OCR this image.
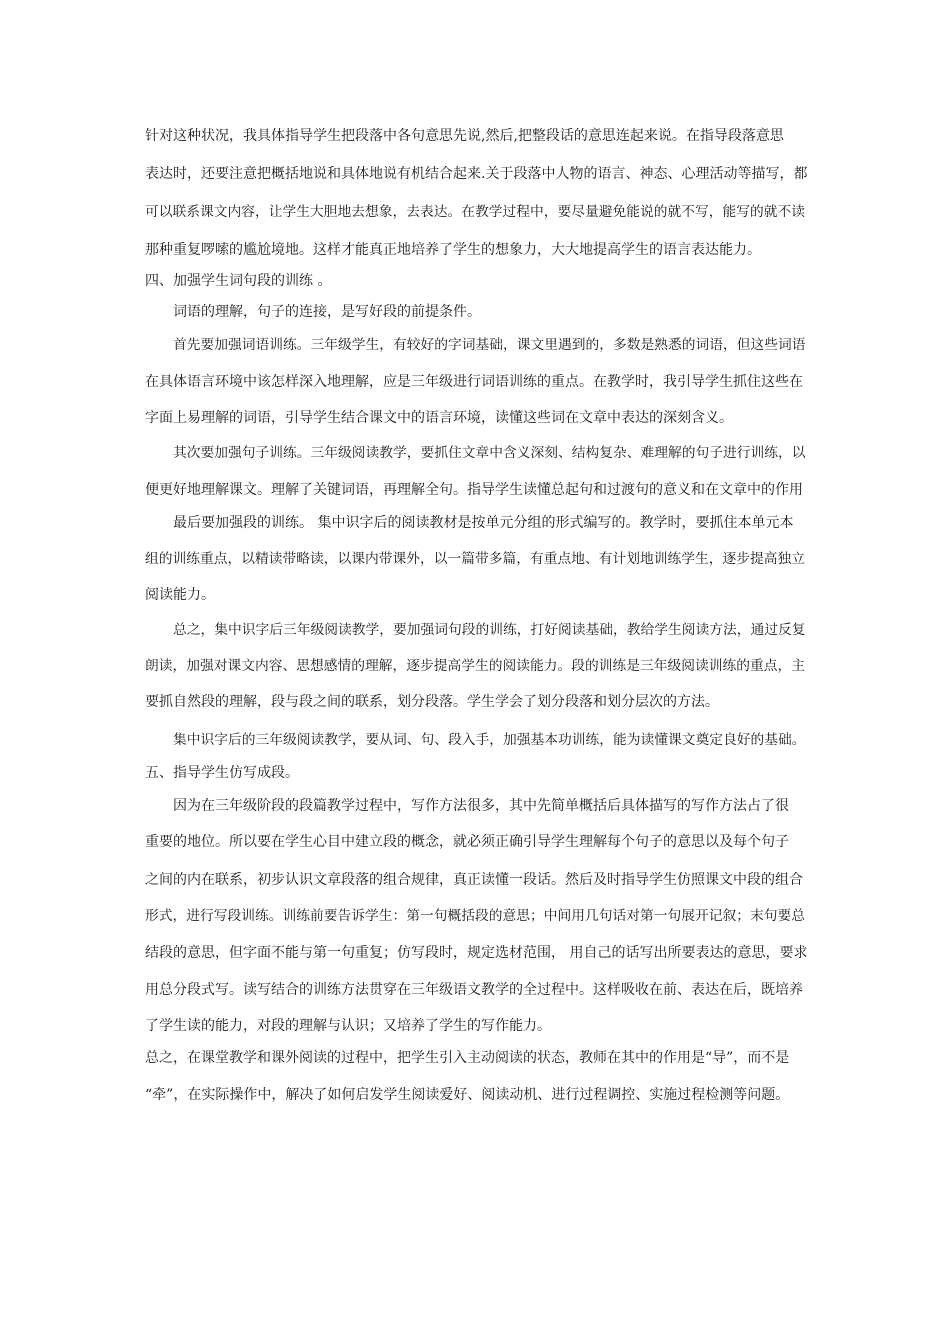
针对这种状况，我具体指导学生把段落中各句意思先说,然后,把整段话的意思连起来说。在指导段落意思
表达时，还要注意把概括地说和具体地说有机结合起来.关于段落中人物的语言、神态、心理活动等描写，都
可以联系课文内容，让学生大胆地去想象，去表达。在教学过程中，要尽量避免能说的就不写，能写的就不读
那种重复啰嗦的尴尬境地。这样才能真正地培养了学生的想象力，大大地提高学生的语言表达能力。
四、加强学生词句段的训练 。
词语的理解，句子的连接，是写好段的前提条件。
首先要加强词语训练。三年级学生，有较好的字词基础，课文里遇到的，多数是熟悉的词语，但这些词语
在具体语言环境中该怎样深入地理解，应是三年级进行词语训练的重点。在教学时，我引导学生抓住这些在
字面上易理解的词语，引导学生结合课文中的语言环境，读懂这些词在文章中表达的深刻含义。
其次要加强句子训练。三年级阅读教学，要抓住文章中含义深刻、结构复杂、难理解的句子进行训练，以
便更好地理解课文。理解了关键词语，再理解全句。指导学生读懂总起句和过渡句的意义和在文章中的作用
最后要加强段的训练。 集中识字后的阅读教材是按单元分组的形式编写的。教学时，要抓住本单元本
组的训练重点，以精读带略读，以课内带课外，以一篇带多篇，有重点地、有计划地训练学生，逐步提高独立
阅读能力。
总之，集中识字后三年级阅读教学，要加强词句段的训练，打好阅读基础，教给学生阅读方法，通过反复
朗读，加强对课文内容、思想感情的理解，逐步提高学生的阅读能力。段的训练是三年级阅读训练的重点，主
要抓自然段的理解，段与段之间的联系，划分段落。学生学会了划分段落和划分层次的方法。
集中识字后的三年级阅读教学，要从词、句、段入手，加强基本功训练，能为读懂课文奠定良好的基础。
五、指导学生仿写成段。
因为在三年级阶段的段篇教学过程中，写作方法很多，其中先简单概括后具体描写的写作方法占了很
重要的地位。所以要在学生心目中建立段的概念，就必须正确引导学生理解每个句子的意思以及每个句子
之间的内在联系，初步认识文章段落的组合规律，真正读懂一段话。然后及时指导学生仿照课文中段的组合
形式，进行写段训练。训练前要告诉学生：第一句概括段的意思；中间用几句话对第一句展开记叙；末句要总
结段的意思，但字面不能与第一句重复；仿写段时，规定选材范围， 用自己的话写出所要表达的意思，要求
用总分段式写。读写结合的训练方法贯穿在三年级语文教学的全过程中。这样吸收在前、表达在后，既培养
了学生读的能力，对段的理解与认识；又培养了学生的写作能力。
总之，在课堂教学和课外阅读的过程中，把学生引入主动阅读的状态，教师在其中的作用是“导”，而不是
“牵”，在实际操作中，解决了如何启发学生阅读爱好、阅读动机、进行过程调控、实施过程检测等问题。
